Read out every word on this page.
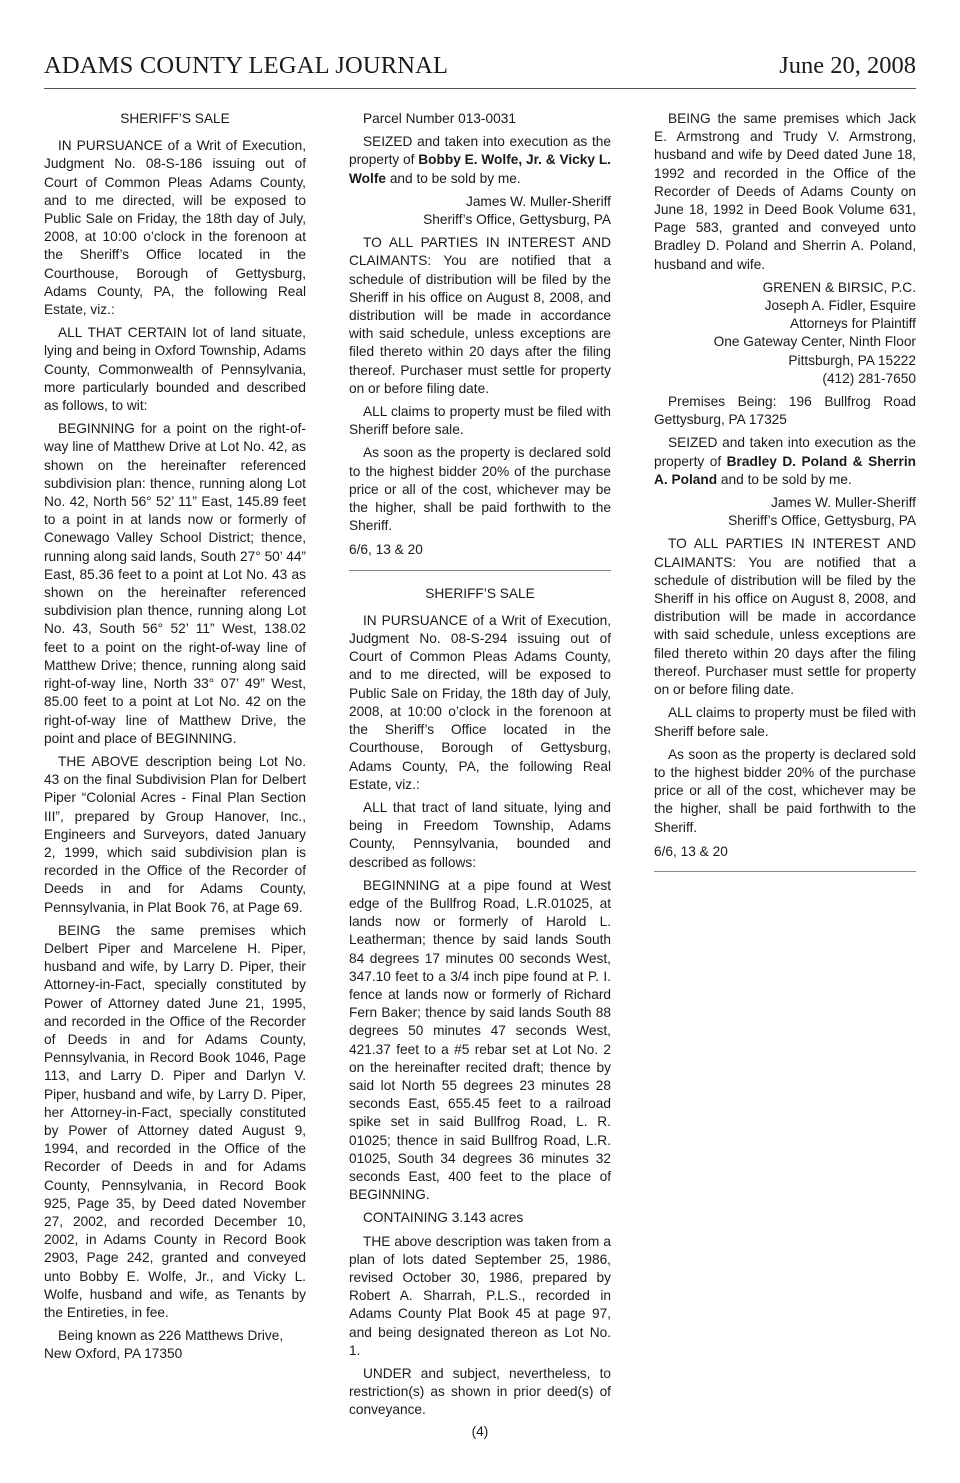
ADAMS COUNTY LEGAL JOURNAL	June 20, 2008

SHERIFF’S SALE

IN PURSUANCE of a Writ of Execution, Judgment No. 08-S-186 issuing out of Court of Common Pleas Adams County, and to me directed, will be exposed to Public Sale on Friday, the 18th day of July, 2008, at 10:00 o’clock in the forenoon at the Sheriff’s Office located in the Courthouse, Borough of Gettysburg, Adams County, PA, the following Real Estate, viz.:

ALL THAT CERTAIN lot of land situate, lying and being in Oxford Township, Adams County, Commonwealth of Pennsylvania, more particularly bounded and described as follows, to wit:

BEGINNING for a point on the right-of-way line of Matthew Drive at Lot No. 42, as shown on the hereinafter referenced subdivision plan: thence, running along Lot No. 42, North 56° 52’ 11” East, 145.89 feet to a point in at lands now or formerly of Conewago Valley School District; thence, running along said lands, South 27° 50’ 44” East, 85.36 feet to a point at Lot No. 43 as shown on the hereinafter referenced subdivision plan thence, running along Lot No. 43, South 56° 52’ 11” West, 138.02 feet to a point on the right-of-way line of Matthew Drive; thence, running along said right-of-way line, North 33° 07’ 49” West, 85.00 feet to a point at Lot No. 42 on the right-of-way line of Matthew Drive, the point and place of BEGINNING.

THE ABOVE description being Lot No. 43 on the final Subdivision Plan for Delbert Piper “Colonial Acres - Final Plan Section III”, prepared by Group Hanover, Inc., Engineers and Surveyors, dated January 2, 1999, which said subdivision plan is recorded in the Office of the Recorder of Deeds in and for Adams County, Pennsylvania, in Plat Book 76, at Page 69.

BEING the same premises which Delbert Piper and Marcelene H. Piper, husband and wife, by Larry D. Piper, their Attorney-in-Fact, specially constituted by Power of Attorney dated June 21, 1995, and recorded in the Office of the Recorder of Deeds in and for Adams County, Pennsylvania, in Record Book 1046, Page 113, and Larry D. Piper and Darlyn V. Piper, husband and wife, by Larry D. Piper, her Attorney-in-Fact, specially constituted by Power of Attorney dated August 9, 1994, and recorded in the Office of the Recorder of Deeds in and for Adams County, Pennsylvania, in Record Book 925, Page 35, by Deed dated November 27, 2002, and recorded December 10, 2002, in Adams County in Record Book 2903, Page 242, granted and conveyed unto Bobby E. Wolfe, Jr., and Vicky L. Wolfe, husband and wife, as Tenants by the Entireties, in fee.

Being known as 226 Matthews Drive, New Oxford, PA 17350

Parcel Number 013-0031

SEIZED and taken into execution as the property of Bobby E. Wolfe, Jr. & Vicky L. Wolfe and to be sold by me.

James W. Muller-Sheriff

Sheriff’s Office, Gettysburg, PA

TO ALL PARTIES IN INTEREST AND CLAIMANTS: You are notified that a schedule of distribution will be filed by the Sheriff in his office on August 8, 2008, and distribution will be made in accordance with said schedule, unless exceptions are filed thereto within 20 days after the filing thereof. Purchaser must settle for property on or before filing date.

ALL claims to property must be filed with Sheriff before sale.

As soon as the property is declared sold to the highest bidder 20% of the purchase price or all of the cost, whichever may be the higher, shall be paid forthwith to the Sheriff.

6/6, 13 & 20

SHERIFF’S SALE

IN PURSUANCE of a Writ of Execution, Judgment No. 08-S-294 issuing out of Court of Common Pleas Adams County, and to me directed, will be exposed to Public Sale on Friday, the 18th day of July, 2008, at 10:00 o’clock in the forenoon at the Sheriff’s Office located in the Courthouse, Borough of Gettysburg, Adams County, PA, the following Real Estate, viz.:

ALL that tract of land situate, lying and being in Freedom Township, Adams County, Pennsylvania, bounded and described as follows:

BEGINNING at a pipe found at West edge of the Bullfrog Road, L.R.01025, at lands now or formerly of Harold L. Leatherman; thence by said lands South 84 degrees 17 minutes 00 seconds West, 347.10 feet to a 3/4 inch pipe found at P. I. fence at lands now or formerly of Richard Fern Baker; thence by said lands South 88 degrees 50 minutes 47 seconds West, 421.37 feet to a #5 rebar set at Lot No. 2 on the hereinafter recited draft; thence by said lot North 55 degrees 23 minutes 28 seconds East, 655.45 feet to a railroad spike set in said Bullfrog Road, L. R. 01025; thence in said Bullfrog Road, L.R. 01025, South 34 degrees 36 minutes 32 seconds East, 400 feet to the place of BEGINNING.

CONTAINING 3.143 acres

THE above description was taken from a plan of lots dated September 25, 1986, revised October 30, 1986, prepared by Robert A. Sharrah, P.L.S., recorded in Adams County Plat Book 45 at page 97, and being designated thereon as Lot No. 1.

UNDER and subject, nevertheless, to restriction(s) as shown in prior deed(s) of conveyance.

BEING the same premises which Jack E. Armstrong and Trudy V. Armstrong, husband and wife by Deed dated June 18, 1992 and recorded in the Office of the Recorder of Deeds of Adams County on June 18, 1992 in Deed Book Volume 631, Page 583, granted and conveyed unto Bradley D. Poland and Sherrin A. Poland, husband and wife.

GRENEN & BIRSIC, P.C.

Joseph A. Fidler, Esquire

Attorneys for Plaintiff

One Gateway Center, Ninth Floor

Pittsburgh, PA 15222

(412) 281-7650

Premises Being: 196 Bullfrog Road Gettysburg, PA 17325

SEIZED and taken into execution as the property of Bradley D. Poland & Sherrin A. Poland and to be sold by me.

James W. Muller-Sheriff

Sheriff’s Office, Gettysburg, PA

TO ALL PARTIES IN INTEREST AND CLAIMANTS: You are notified that a schedule of distribution will be filed by the Sheriff in his office on August 8, 2008, and distribution will be made in accordance with said schedule, unless exceptions are filed thereto within 20 days after the filing thereof. Purchaser must settle for property on or before filing date.

ALL claims to property must be filed with Sheriff before sale.

As soon as the property is declared sold to the highest bidder 20% of the purchase price or all of the cost, whichever may be the higher, shall be paid forthwith to the Sheriff.

6/6, 13 & 20

(4)
